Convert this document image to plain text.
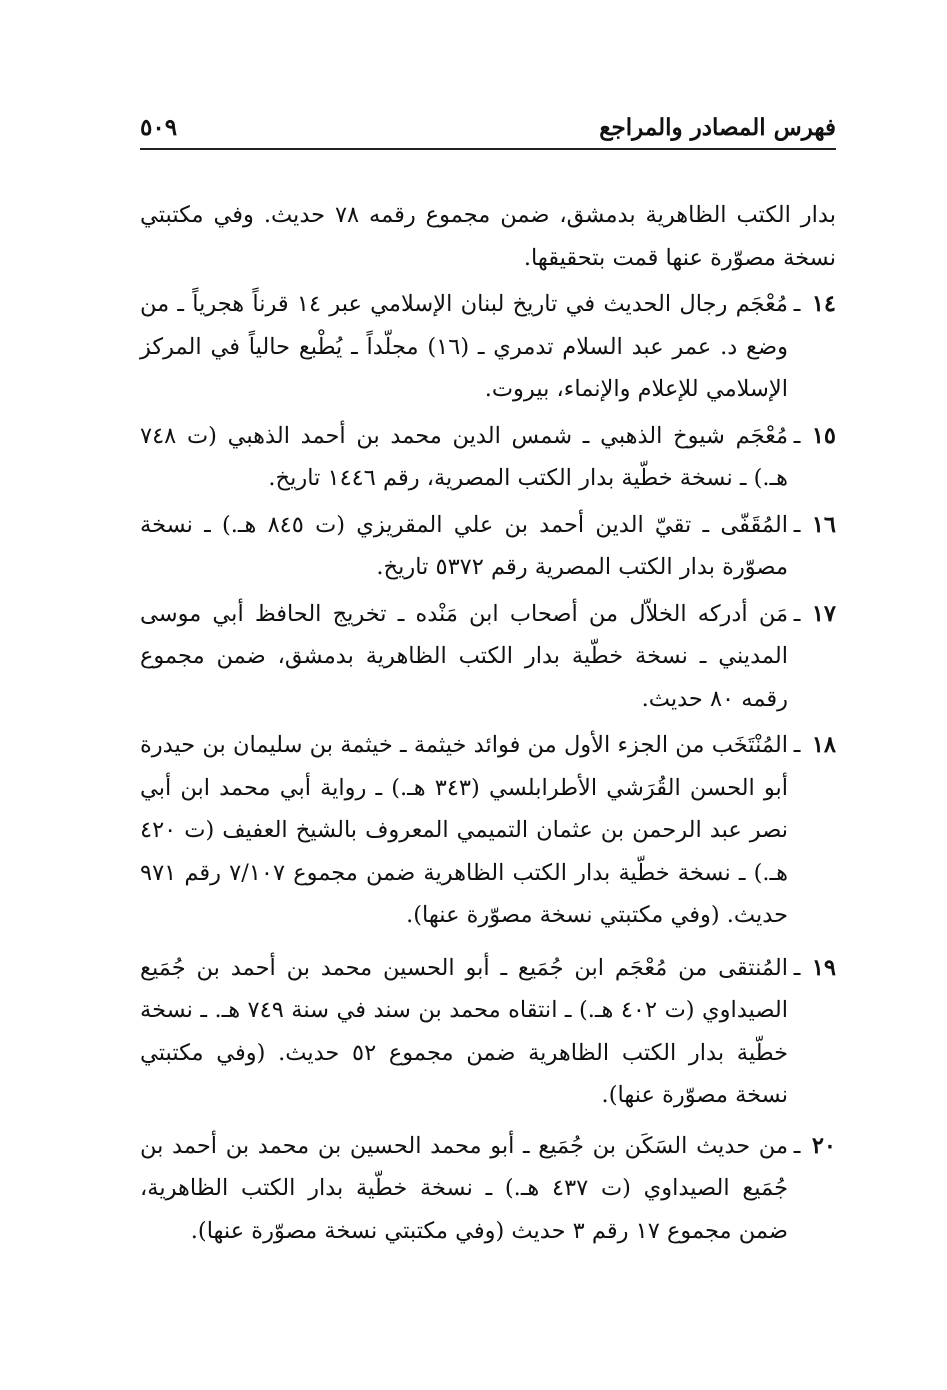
فهرس المصادر والمراجع
٥٠٩

بدار الكتب الظاهرية بدمشق، ضمن مجموع رقمه ٧٨ حديث. وفي مكتبتي نسخة مصوّرة عنها قمت بتحقيقها.

١٤
ـ
مُعْجَم رجال الحديث في تاريخ لبنان الإسلامي عبر ١٤ قرناً هجرياً ـ من وضع د. عمر عبد السلام تدمري ـ (١٦) مجلّداً ـ يُطْبع حالياً في المركز الإسلامي للإعلام والإنماء، بيروت.
١٥
ـ
مُعْجَم شيوخ الذهبي ـ شمس الدين محمد بن أحمد الذهبي (ت ٧٤٨ هـ.) ـ نسخة خطّية بدار الكتب المصرية، رقم ١٤٤٦ تاريخ.
١٦
ـ
المُقَفّى ـ تقيّ الدين أحمد بن علي المقريزي (ت ٨٤٥ هـ.) ـ نسخة مصوّرة بدار الكتب المصرية رقم ٥٣٧٢ تاريخ.
١٧
ـ
مَن أدركه الخلاّل من أصحاب ابن مَنْده ـ تخريج الحافظ أبي موسى المديني ـ نسخة خطّية بدار الكتب الظاهرية بدمشق، ضمن مجموع رقمه ٨٠ حديث.
١٨
ـ
المُنْتَخَب من الجزء الأول من فوائد خيثمة ـ خيثمة بن سليمان بن حيدرة أبو الحسن القُرَشي الأطرابلسي (٣٤٣ هـ.) ـ رواية أبي محمد ابن أبي نصر عبد الرحمن بن عثمان التميمي المعروف بالشيخ العفيف (ت ٤٢٠ هـ.) ـ نسخة خطّية بدار الكتب الظاهرية ضمن مجموع ٧/١٠٧ رقم ٩٧١ حديث. (وفي مكتبتي نسخة مصوّرة عنها).
١٩
ـ
المُنتقى من مُعْجَم ابن جُمَيع ـ أبو الحسين محمد بن أحمد بن جُمَيع الصيداوي (ت ٤٠٢ هـ.) ـ انتقاه محمد بن سند في سنة ٧٤٩ هـ. ـ نسخة خطّية بدار الكتب الظاهرية ضمن مجموع ٥٢ حديث. (وفي مكتبتي نسخة مصوّرة عنها).
٢٠
ـ
من حديث السَكَن بن جُمَيع ـ أبو محمد الحسين بن محمد بن أحمد بن جُمَيع الصيداوي (ت ٤٣٧ هـ.) ـ نسخة خطّية بدار الكتب الظاهرية، ضمن مجموع ١٧ رقم ٣ حديث (وفي مكتبتي نسخة مصوّرة عنها).
